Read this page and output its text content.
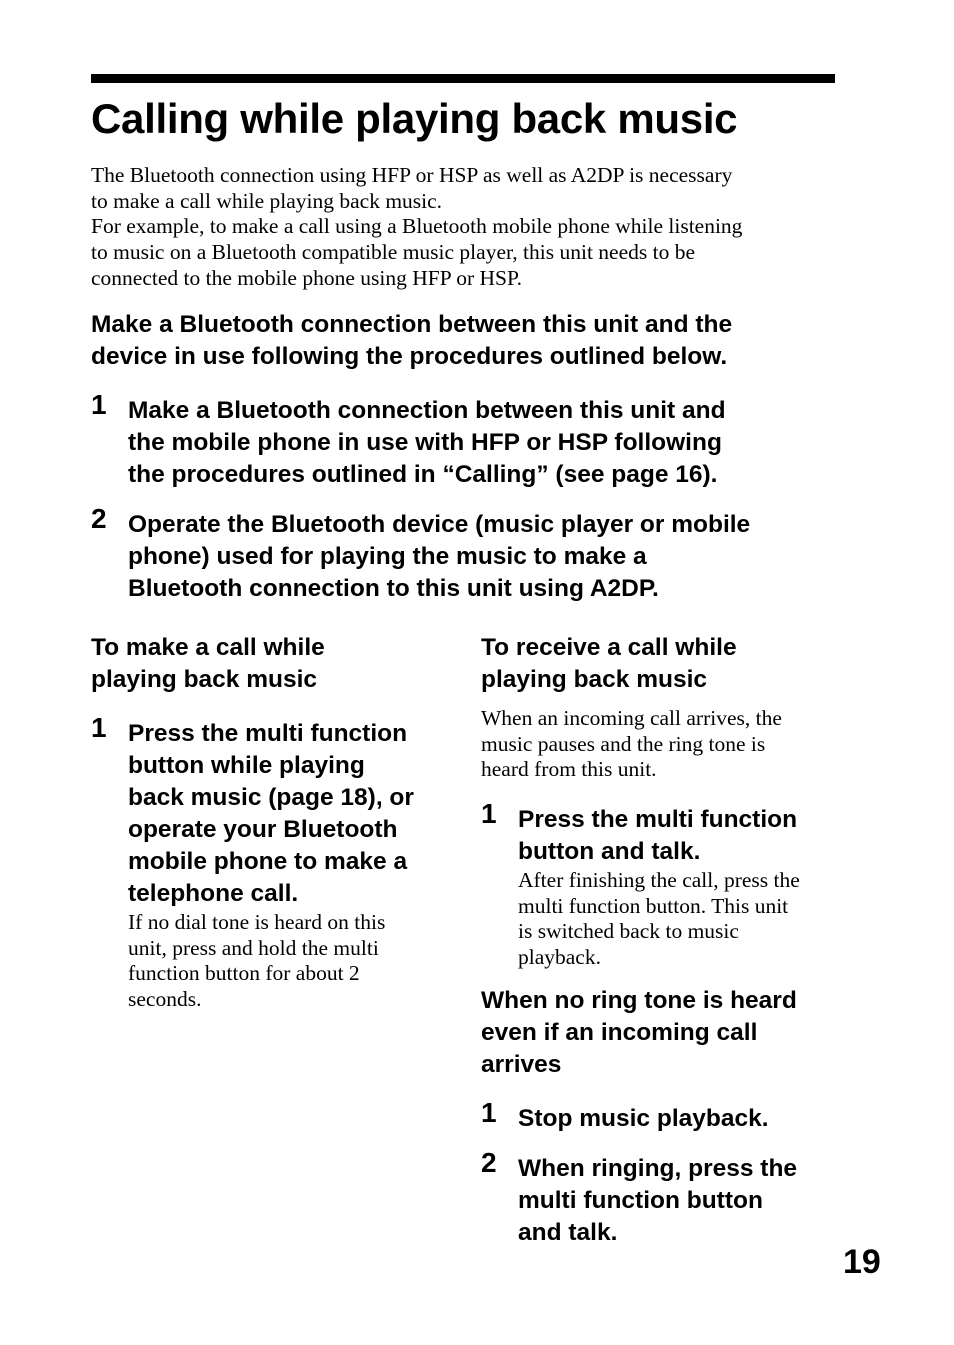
Calling while playing back music

The Bluetooth connection using HFP or HSP as well as A2DP is necessary
to make a call while playing back music.

For example, to make a call using a Bluetooth mobile phone while listening
to music on a Bluetooth compatible music player, this unit needs to be
connected to the mobile phone using HFP or HSP.

Make a Bluetooth connection between this unit and the
device in use following the procedures outlined below.
1 Make a Bluetooth connection between this unit and
the mobile phone in use with HFP or HSP following
the procedures outlined in “Calling” (see page 16).
2 Operate the Bluetooth device (music player or mobile
phone) used for playing the music to make a
Bluetooth connection to this unit using A2DP.
To make a call while
playing back music
1 Press the multi function
button while playing
back music (page 18), or
operate your Bluetooth
mobile phone to make a
telephone call.
If no dial tone is heard on this
unit, press and hold the multi
function button for about 2
seconds.
To receive a call while
playing back music
When an incoming call arrives, the
music pauses and the ring tone is
heard from this unit.
1 Press the multi function
button and talk.
After finishing the call, press the
multi function button. This unit
is switched back to music
playback.
When no ring tone is heard
even if an incoming call
arrives
1 Stop music playback.
2 When ringing, press the
multi function button
and talk.
19
